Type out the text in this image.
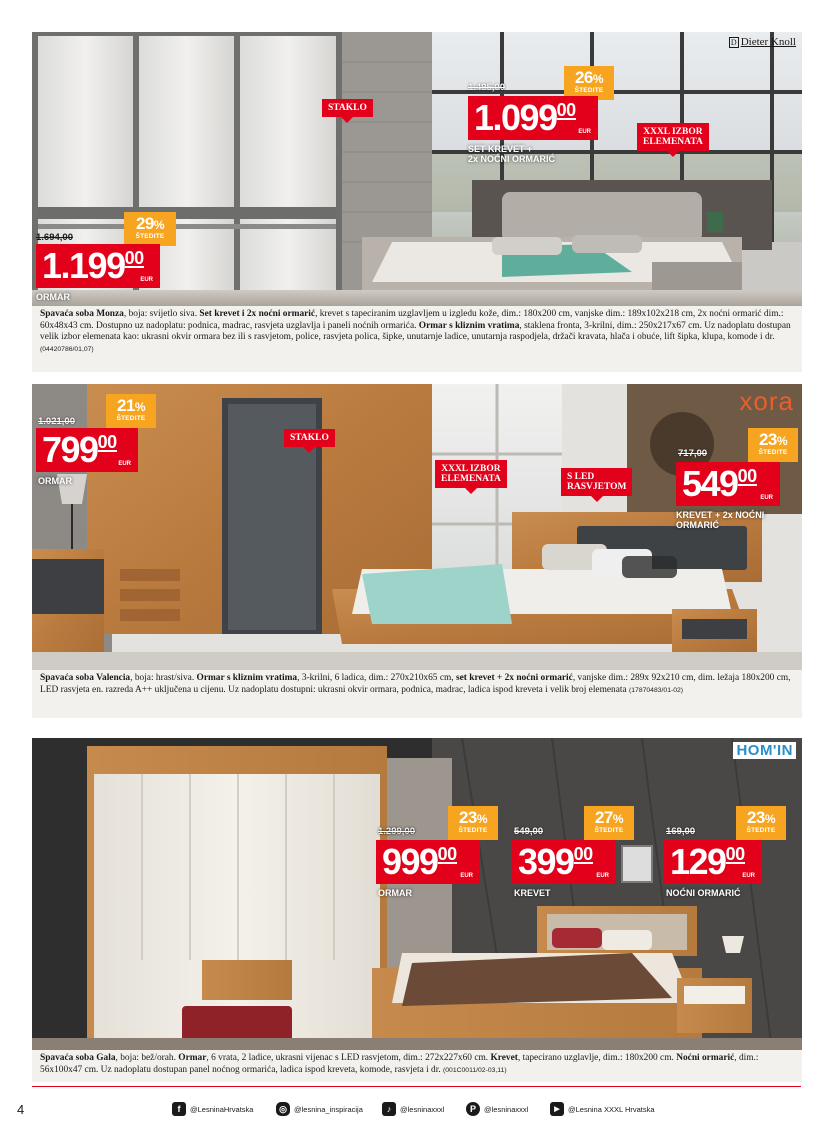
D Dieter Knoll
STAKLO
XXXL IZBOR
ELEMENATA
1.495,00
26%
ŠTEDITE
1.09900
EUR
SET KREVET +
2x NOĆNI ORMARIĆ
1.694,00
29%
ŠTEDITE
1.19900
EUR
ORMAR
Spavaća soba Monza, boja: svijetlo siva. Set krevet i 2x noćni ormarić, krevet s tapeciranim uzglavljem u izgledu kože, dim.: 180x200 cm, vanjske dim.: 189x102x218 cm, 2x noćni ormarić dim.: 60x48x43 cm. Dostupno uz nadoplatu: podnica, madrac, rasvjeta uzglavlja i paneli noćnih ormarića. Ormar s kliznim vratima, staklena fronta, 3-krilni, dim.: 250x217x67 cm. Uz nadoplatu dostupan velik izbor elemenata kao: ukrasni okvir ormara bez ili s rasvjetom, police, rasvjeta polica, šipke, unutarnje ladice, unutarnja raspodjela, držači kravata, hlača i obuće, lift šipka, klupa, komode i dr. (04420786/01,07)
xora
STAKLO
XXXL IZBOR
ELEMENATA	S LED
RASVJETOM
1.021,00
21%
ŠTEDITE
79900
EUR
ORMAR
717,00
23%
ŠTEDITE
54900
EUR
KREVET + 2x NOĆNI
ORMARIĆ
Spavaća soba Valencia, boja: hrast/siva. Ormar s kliznim vratima, 3-krilni, 6 ladica, dim.: 270x210x65 cm, set krevet + 2x noćni ormarić, vanjske dim.: 289x 92x210 cm, dim. ležaja 180x200 cm, LED rasvjeta en. razreda A++ uključena u cijenu. Uz nadoplatu dostupni: ukrasni okvir ormara, podnica, madrac, ladica ispod kreveta i velik broj elemenata (17870483/01-02)
HOM'IN
1.299,00
23%
ŠTEDITE
99900
EUR
ORMAR
549,00
27%
ŠTEDITE
39900
EUR
KREVET
169,00
23%
ŠTEDITE
12900
EUR
NOĆNI ORMARIĆ
Spavaća soba Gala, boja: bež/orah. Ormar, 6 vrata, 2 ladice, ukrasni vijenac s LED rasvjetom, dim.: 272x227x60 cm. Krevet, tapecirano uzglavlje, dim.: 180x200 cm. Noćni ormarić, dim.: 56x100x47 cm. Uz nadoplatu dostupan panel noćnog ormarića, ladica ispod kreveta, komode, rasvjeta i dr. (001C0011/02-03,11)
4	f	@LesninaHrvatska	◎ @lesnina_inspiracija	♪	@lesninaxxxl	P	@lesninaxxxl	▶	@Lesnina XXXL Hrvatska
